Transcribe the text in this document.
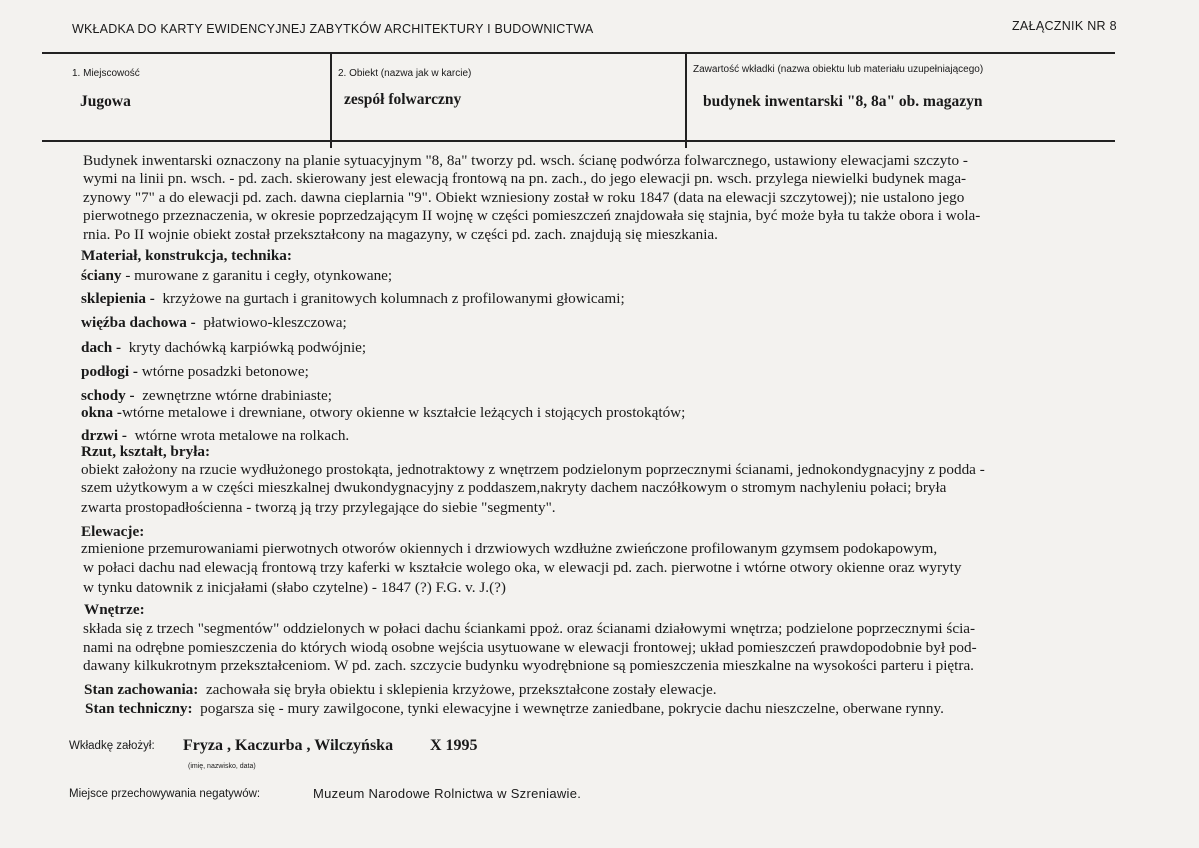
WKŁADKA DO KARTY EWIDENCYJNEJ ZABYTKÓW ARCHITEKTURY I BUDOWNICTWA	ZAŁĄCZNIK NR 8
1. Miejscowość
Jugowa
2. Obiekt (nazwa jak w karcie)
zespół folwarczny
Zawartość wkładki (nazwa obiektu lub materiału uzupełniającego)
budynek inwentarski "8, 8a" ob. magazyn
Budynek inwentarski oznaczony na planie sytuacyjnym "8, 8a" tworzy pd. wsch. ścianę podwórza folwarcznego, ustawiony elewacjami szczyto -
wymi na linii pn. wsch. - pd. zach. skierowany jest elewacją frontową na pn. zach., do jego elewacji pn. wsch. przylega niewielki budynek maga-
zynowy "7" a do elewacji pd. zach. dawna cieplarnia "9". Obiekt wzniesiony został w roku 1847 (data na elewacji szczytowej); nie ustalono jego
pierwotnego przeznaczenia, w okresie poprzedzającym II wojnę w części pomieszczeń znajdowała się stajnia, być może była tu także obora i wola-
rnia. Po II wojnie obiekt został przekształcony na magazyny, w części pd. zach. znajdują się mieszkania.
Materiał, konstrukcja, technika:
ściany - murowane z garanitu i cegły, otynkowane;
sklepienia - krzyżowe na gurtach i granitowych kolumnach z profilowanymi głowicami;
więźba dachowa - płatwiowo-kleszczowa;
dach - kryty dachówką karpiówką podwójnie;
podłogi - wtórne posadzki betonowe;
schody - zewnętrzne wtórne drabiniaste;
okna -wtórne metalowe i drewniane, otwory okienne w kształcie leżących i stojących prostokątów;
drzwi - wtórne wrota metalowe na rolkach.
Rzut, kształt, bryła:
obiekt założony na rzucie wydłużonego prostokąta, jednotraktowy z wnętrzem podzielonym poprzecznymi ścianami, jednokondygnacyjny z podda -
szem użytkowym a w części mieszkalnej dwukondygnacyjny z poddaszem,nakryty dachem naczółkowym o stromym nachyleniu połaci; bryła
zwarta prostopadłościenna - tworzą ją trzy przylegające do siebie "segmenty".
Elewacje:
zmienione przemurowaniami pierwotnych otworów okiennych i drzwiowych wzdłużne zwieńczone profilowanym gzymsem podokapowym,
w połaci dachu nad elewacją frontową trzy kaferki w kształcie wolego oka, w elewacji pd. zach. pierwotne i wtórne otwory okienne oraz wyryty
w tynku datownik z inicjałami (słabo czytelne) - 1847 (?) F.G. v. J.(?)
Wnętrze:
składa się z trzech "segmentów" oddzielonych w połaci dachu ściankami ppoż. oraz ścianami działowymi wnętrza; podzielone poprzecznymi ścia-
nami na odrębne pomieszczenia do których wiodą osobne wejścia usytuowane w elewacji frontowej; układ pomieszczeń prawdopodobnie był pod-
dawany kilkukrotnym przekształceniom. W pd. zach. szczycie budynku wyodrębnione są pomieszczenia mieszkalne na wysokości parteru i piętra.
Stan zachowania: zachowała się bryła obiektu i sklepienia krzyżowe, przekształcone zostały elewacje.
Stan techniczny: pogarsza się - mury zawilgocone, tynki elewacyjne i wewnętrze zaniedbane, pokrycie dachu nieszczelne, oberwane rynny.
Wkładkę założył: Fryza , Kaczurba , Wilczyńska X 1995
(imię, nazwisko, data)
Miejsce przechowywania negatywów:	Muzeum Narodowe Rolnictwa w Szreniawie.
